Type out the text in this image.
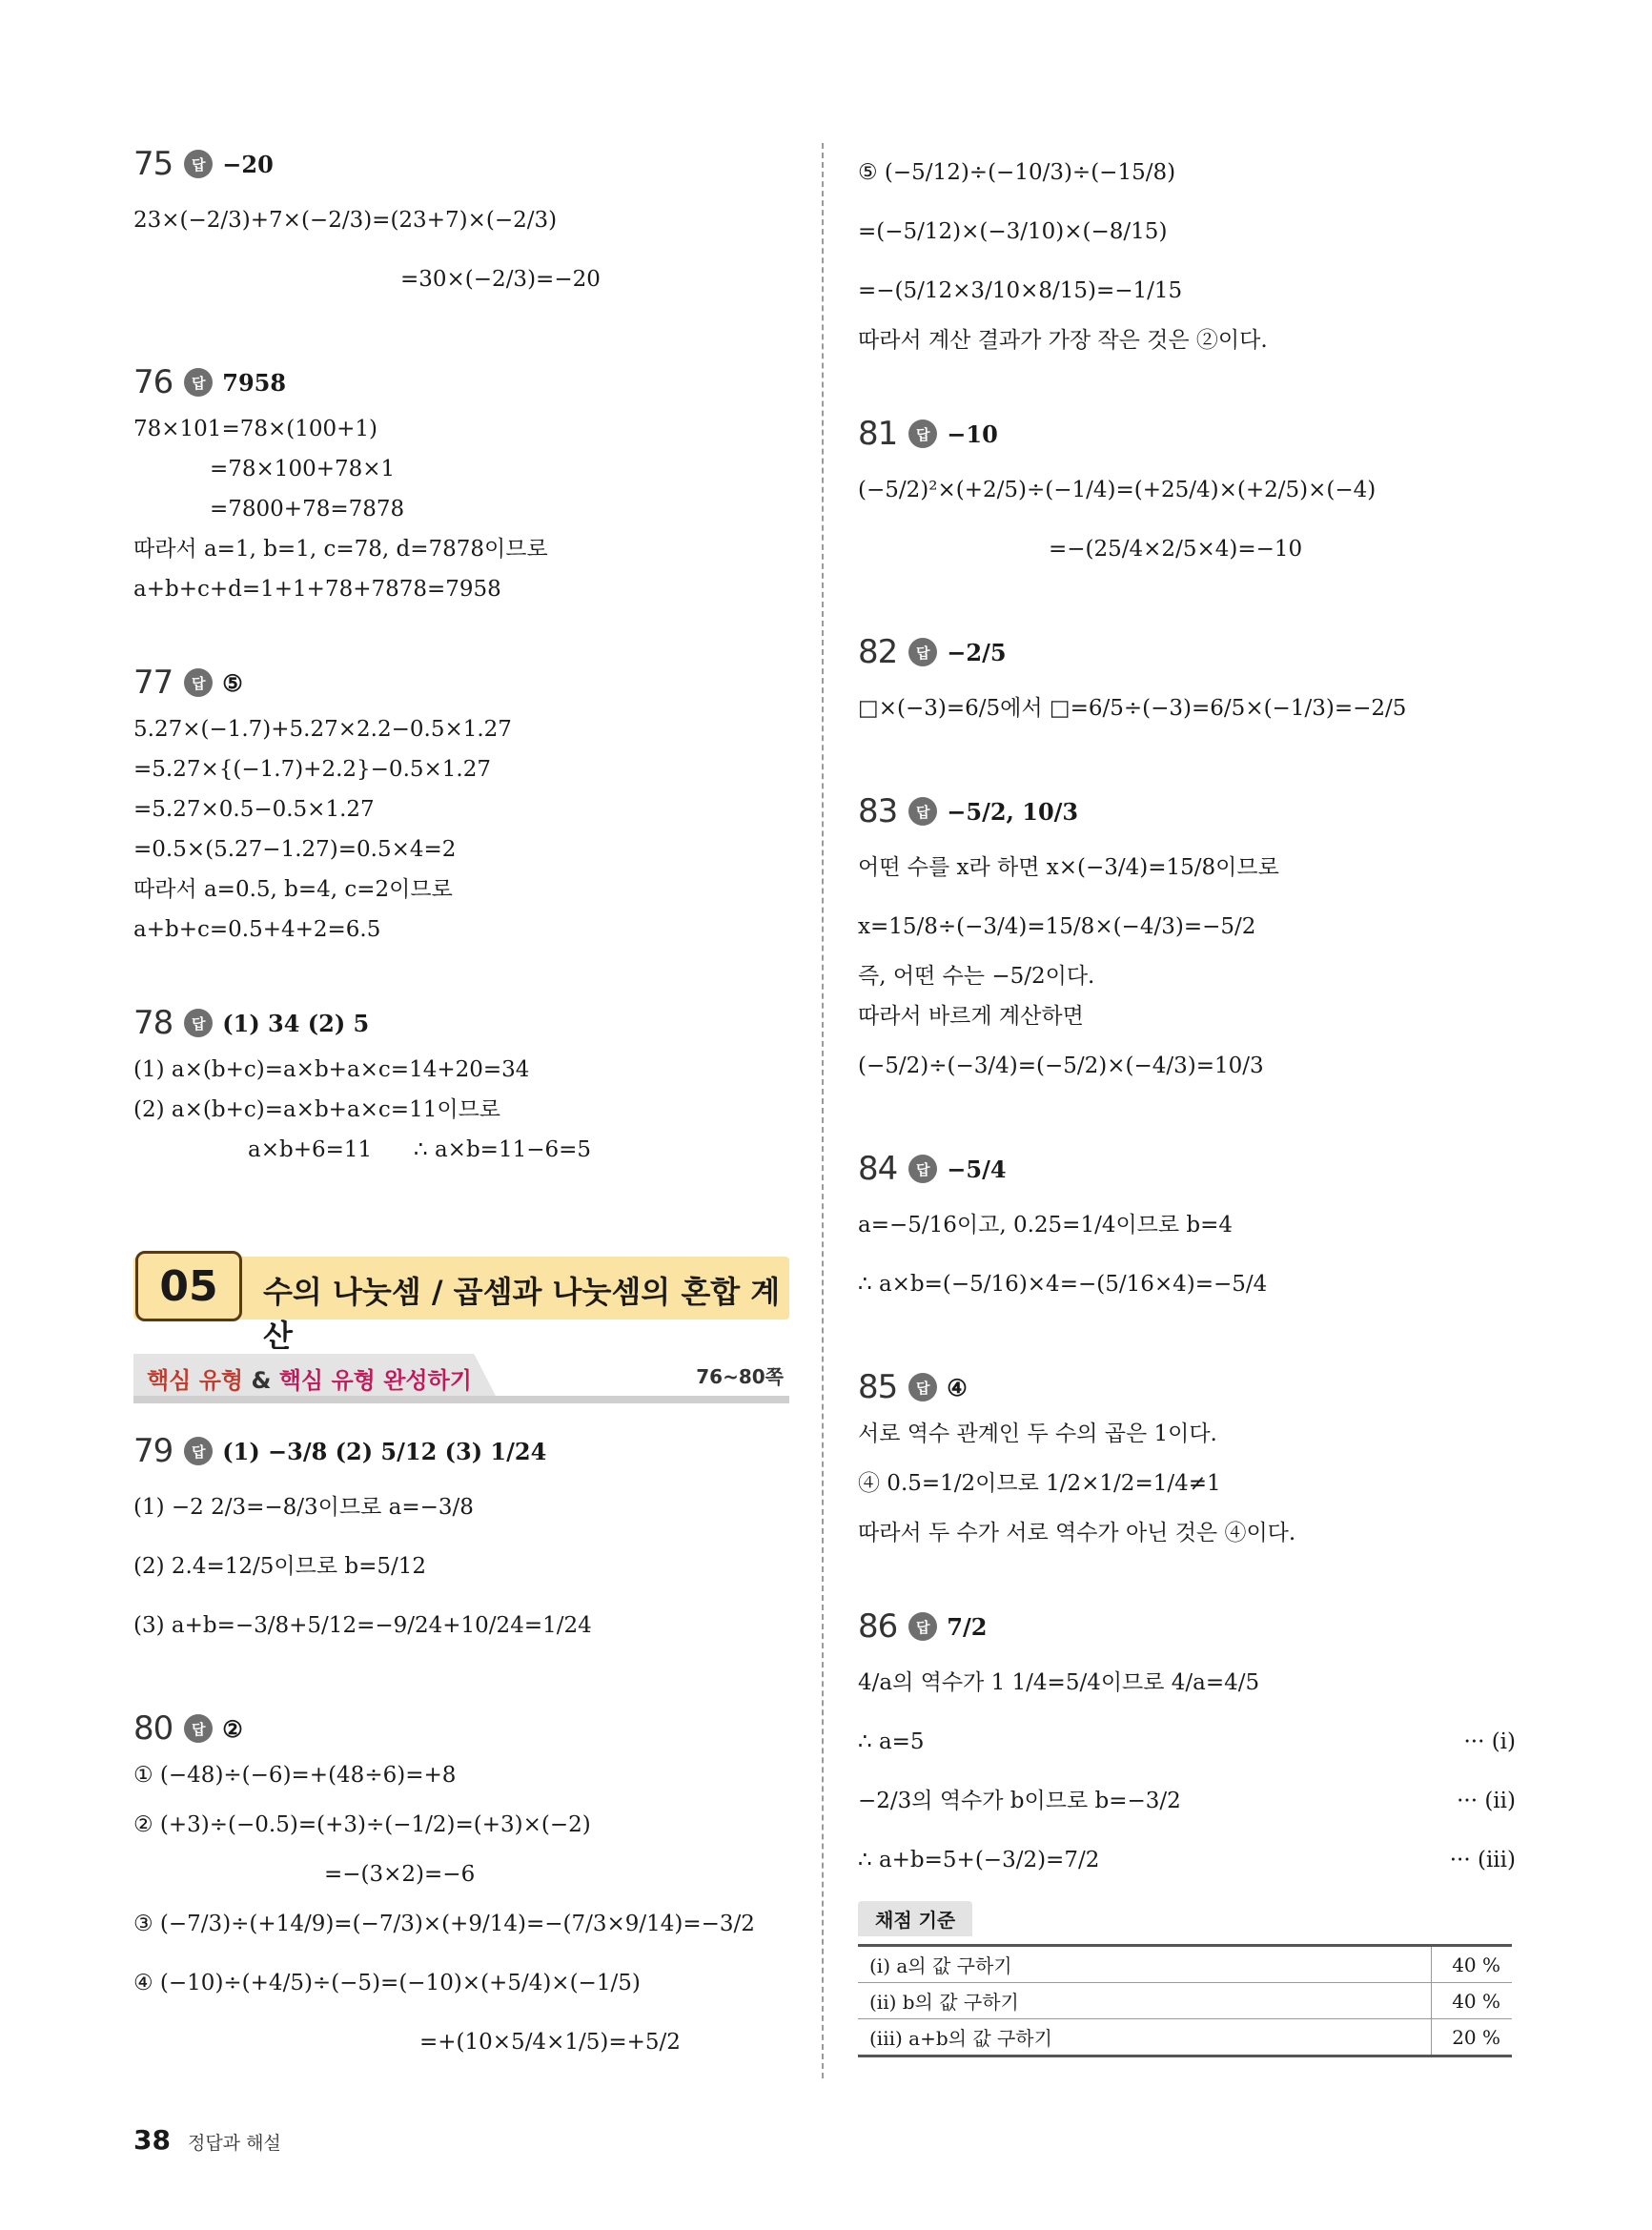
75	답 −20
23×(−2/3)+7×(−2/3)=(23+7)×(−2/3)
=30×(−2/3)=−20
76	답 7958
78×101=78×(100+1)
=78×100+78×1
=7800+78=7878
따라서 a=1, b=1, c=78, d=7878이므로
a+b+c+d=1+1+78+7878=7958
77	답 ⑤
5.27×(−1.7)+5.27×2.2−0.5×1.27
=5.27×{(−1.7)+2.2}−0.5×1.27
=5.27×0.5−0.5×1.27
=0.5×(5.27−1.27)=0.5×4=2
따라서 a=0.5, b=4, c=2이므로
a+b+c=0.5+4+2=6.5
78	답 (1) 34 (2) 5
(1) a×(b+c)=a×b+a×c=14+20=34
(2) a×(b+c)=a×b+a×c=11이므로
a×b+6=11      ∴ a×b=11−6=5
79	답 (1) −3/8 (2) 5/12 (3) 1/24
(1) −2 2/3=−8/3이므로 a=−3/8
(2) 2.4=12/5이므로 b=5/12
(3) a+b=−3/8+5/12=−9/24+10/24=1/24
80	답 ②
① (−48)÷(−6)=+(48÷6)=+8
② (+3)÷(−0.5)=(+3)÷(−1/2)=(+3)×(−2)
=−(3×2)=−6
③ (−7/3)÷(+14/9)=(−7/3)×(+9/14)=−(7/3×9/14)=−3/2
④ (−10)÷(+4/5)÷(−5)=(−10)×(+5/4)×(−1/5)
=+(10×5/4×1/5)=+5/2
⑤ (−5/12)÷(−10/3)÷(−15/8)
=(−5/12)×(−3/10)×(−8/15)
=−(5/12×3/10×8/15)=−1/15
따라서 계산 결과가 가장 작은 것은 ②이다.
81	답 −10
(−5/2)²×(+2/5)÷(−1/4)=(+25/4)×(+2/5)×(−4)
=−(25/4×2/5×4)=−10
82	답 −2/5
□×(−3)=6/5에서 □=6/5÷(−3)=6/5×(−1/3)=−2/5
83	답 −5/2, 10/3
어떤 수를 x라 하면 x×(−3/4)=15/8이므로
x=15/8÷(−3/4)=15/8×(−4/3)=−5/2
즉, 어떤 수는 −5/2이다.
따라서 바르게 계산하면
(−5/2)÷(−3/4)=(−5/2)×(−4/3)=10/3
84	답 −5/4
a=−5/16이고, 0.25=1/4이므로 b=4
∴ a×b=(−5/16)×4=−(5/16×4)=−5/4
85	답 ④
서로 역수 관계인 두 수의 곱은 1이다.
④ 0.5=1/2이므로 1/2×1/2=1/4≠1
따라서 두 수가 서로 역수가 아닌 것은 ④이다.
86	답 7/2
4/a의 역수가 1 1/4=5/4이므로 4/a=4/5
∴ a=5	··· (i)
−2/3의 역수가 b이므로 b=−3/2	··· (ii)
∴ a+b=5+(−3/2)=7/2	··· (iii)
채점 기준
(i) a의 값 구하기	40 %
(ii) b의 값 구하기	40 %
(iii) a+b의 값 구하기	20 %
05	수의 나눗셈 / 곱셈과 나눗셈의 혼합 계산
핵심 유형 & 핵심 유형 완성하기	76~80쪽
38 정답과 해설
